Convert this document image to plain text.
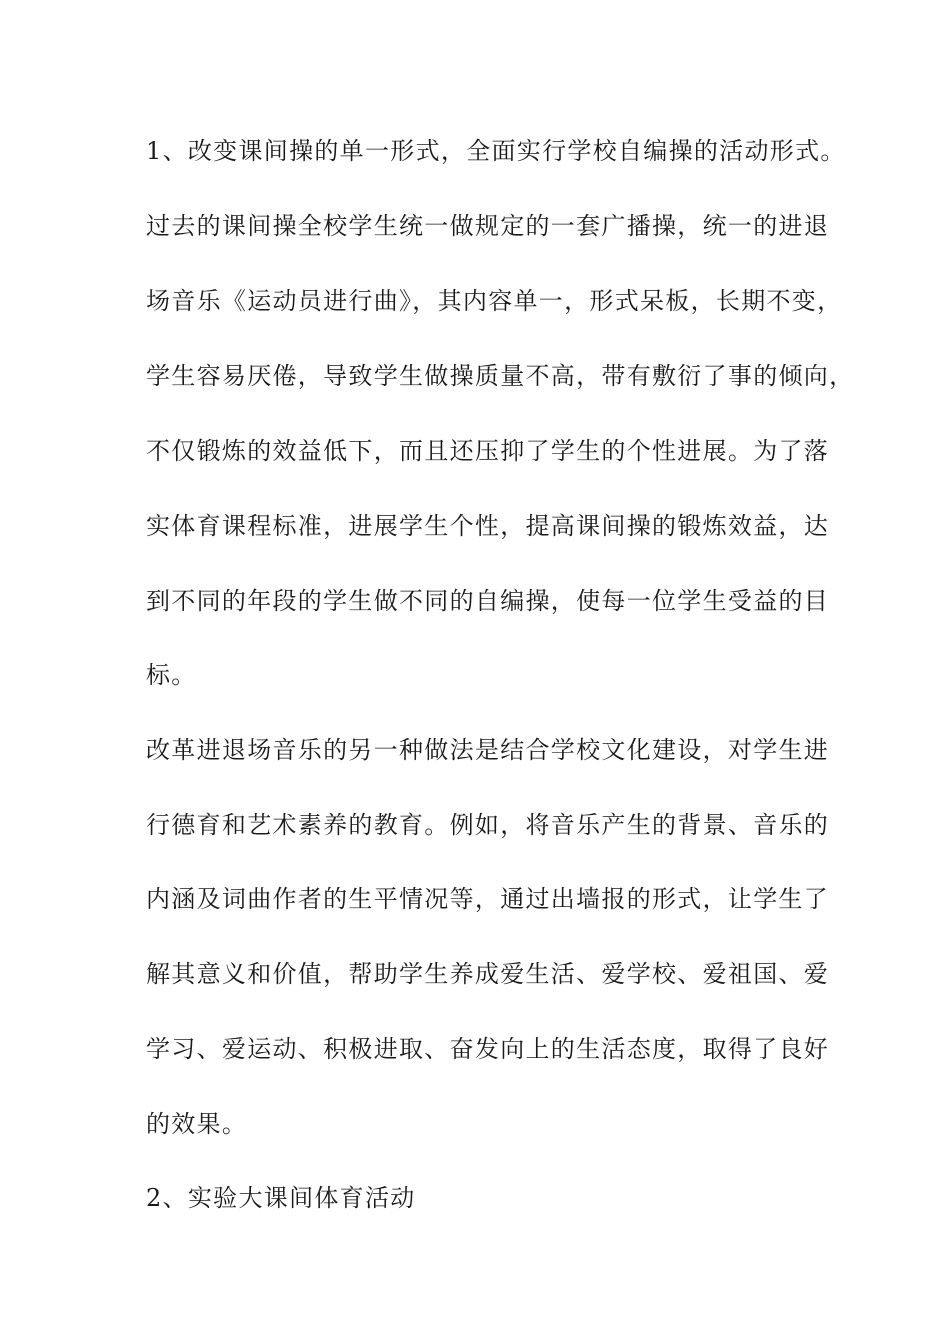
1、改变课间操的单一形式，全面实行学校自编操的活动形式。
过去的课间操全校学生统一做规定的一套广播操，统一的进退
场音乐《运动员进行曲》，其内容单一，形式呆板，长期不变，
学生容易厌倦，导致学生做操质量不高，带有敷衍了事的倾向，
不仅锻炼的效益低下，而且还压抑了学生的个性进展。为了落
实体育课程标准，进展学生个性，提高课间操的锻炼效益，达
到不同的年段的学生做不同的自编操，使每一位学生受益的目
标。
改革进退场音乐的另一种做法是结合学校文化建设，对学生进
行德育和艺术素养的教育。例如，将音乐产生的背景、音乐的
内涵及词曲作者的生平情况等，通过出墙报的形式，让学生了
解其意义和价值，帮助学生养成爱生活、爱学校、爱祖国、爱
学习、爱运动、积极进取、奋发向上的生活态度，取得了良好
的效果。
2、实验大课间体育活动
